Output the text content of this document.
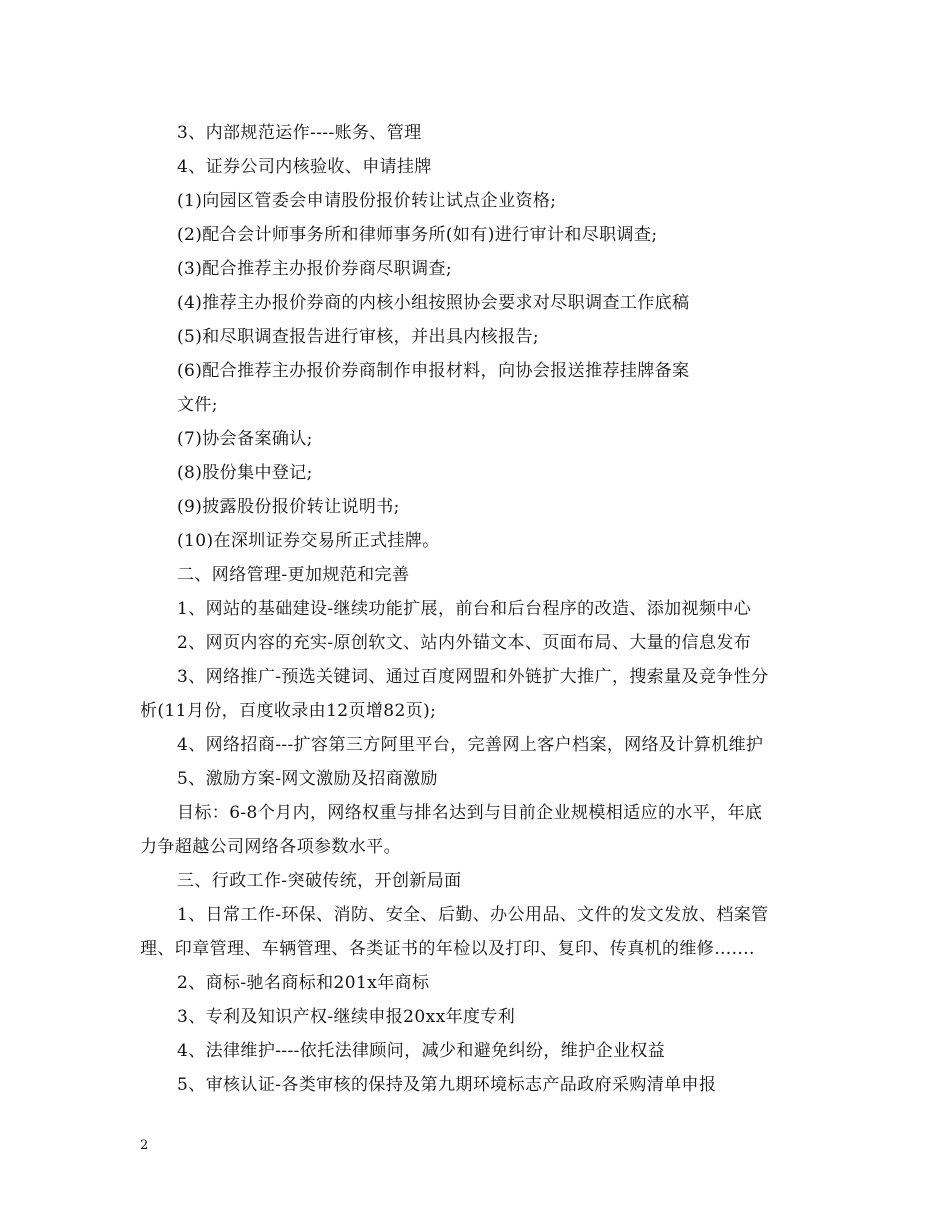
3、内部规范运作----账务、管理
4、证券公司内核验收、申请挂牌
(1)向园区管委会申请股份报价转让试点企业资格;
(2)配合会计师事务所和律师事务所(如有)进行审计和尽职调查;
(3)配合推荐主办报价券商尽职调查;
(4)推荐主办报价券商的内核小组按照协会要求对尽职调查工作底稿
(5)和尽职调查报告进行审核，并出具内核报告;
(6)配合推荐主办报价券商制作申报材料，向协会报送推荐挂牌备案
文件;
(7)协会备案确认;
(8)股份集中登记;
(9)披露股份报价转让说明书;
(10)在深圳证券交易所正式挂牌。
二、网络管理-更加规范和完善
1、网站的基础建设-继续功能扩展，前台和后台程序的改造、添加视频中心
2、网页内容的充实-原创软文、站内外锚文本、页面布局、大量的信息发布
3、网络推广-预选关键词、通过百度网盟和外链扩大推广，搜索量及竞争性分
析(11月份，百度收录由12页增82页);
4、网络招商---扩容第三方阿里平台，完善网上客户档案，网络及计算机维护
5、激励方案-网文激励及招商激励
目标：6-8个月内，网络权重与排名达到与目前企业规模相适应的水平，年底
力争超越公司网络各项参数水平。
三、行政工作-突破传统，开创新局面
1、日常工作-环保、消防、安全、后勤、办公用品、文件的发文发放、档案管
理、印章管理、车辆管理、各类证书的年检以及打印、复印、传真机的维修.......
2、商标-驰名商标和201x年商标
3、专利及知识产权-继续申报20xx年度专利
4、法律维护----依托法律顾问，减少和避免纠纷，维护企业权益
5、审核认证-各类审核的保持及第九期环境标志产品政府采购清单申报
2
